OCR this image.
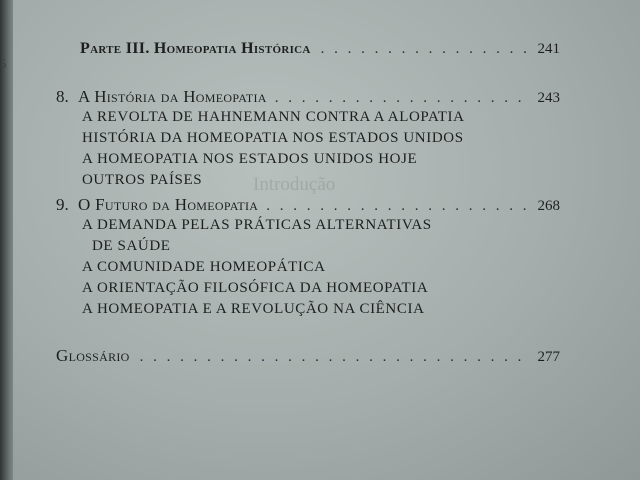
5
Introdução
Parte III. Homeopatia Histórica . . .	241
8. A História da Homeopatia . . .	243
A REVOLTA DE HAHNEMANN CONTRA A ALOPATIA
HISTÓRIA DA HOMEOPATIA NOS ESTADOS UNIDOS
A HOMEOPATIA NOS ESTADOS UNIDOS HOJE
OUTROS PAÍSES
9. O Futuro da Homeopatia . . .	268
A DEMANDA PELAS PRÁTICAS ALTERNATIVAS
DE SAÚDE
A COMUNIDADE HOMEOPÁTICA
A ORIENTAÇÃO FILOSÓFICA DA HOMEOPATIA
A HOMEOPATIA E A REVOLUÇÃO NA CIÊNCIA
Glossário . . .	277
